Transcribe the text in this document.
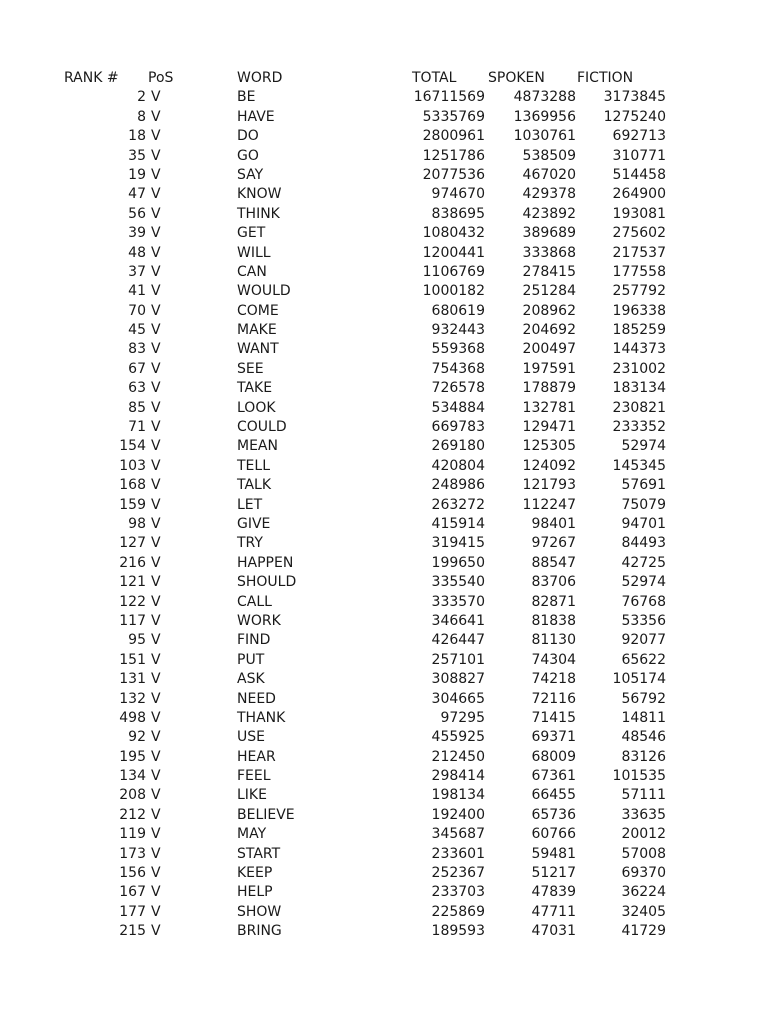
RANK # PoS	WORD	TOTAL SPOKEN FICTION
2 V	BE	16711569	4873288	3173845
8 V	HAVE	5335769	1369956	1275240
18 V	DO	2800961	1030761	692713
35 V	GO	1251786	538509	310771
19 V	SAY	2077536	467020	514458
47 V	KNOW	974670	429378	264900
56 V	THINK	838695	423892	193081
39 V	GET	1080432	389689	275602
48 V	WILL	1200441	333868	217537
37 V	CAN	1106769	278415	177558
41 V	WOULD	1000182	251284	257792
70 V	COME	680619	208962	196338
45 V	MAKE	932443	204692	185259
83 V	WANT	559368	200497	144373
67 V	SEE	754368	197591	231002
63 V	TAKE	726578	178879	183134
85 V	LOOK	534884	132781	230821
71 V	COULD	669783	129471	233352
154 V	MEAN	269180	125305	52974
103 V	TELL	420804	124092	145345
168 V	TALK	248986	121793	57691
159 V	LET	263272	112247	75079
98 V	GIVE	415914	98401	94701
127 V	TRY	319415	97267	84493
216 V	HAPPEN	199650	88547	42725
121 V	SHOULD	335540	83706	52974
122 V	CALL	333570	82871	76768
117 V	WORK	346641	81838	53356
95 V	FIND	426447	81130	92077
151 V	PUT	257101	74304	65622
131 V	ASK	308827	74218	105174
132 V	NEED	304665	72116	56792
498 V	THANK	97295	71415	14811
92 V	USE	455925	69371	48546
195 V	HEAR	212450	68009	83126
134 V	FEEL	298414	67361	101535
208 V	LIKE	198134	66455	57111
212 V	BELIEVE	192400	65736	33635
119 V	MAY	345687	60766	20012
173 V	START	233601	59481	57008
156 V	KEEP	252367	51217	69370
167 V	HELP	233703	47839	36224
177 V	SHOW	225869	47711	32405
215 V	BRING	189593	47031	41729
